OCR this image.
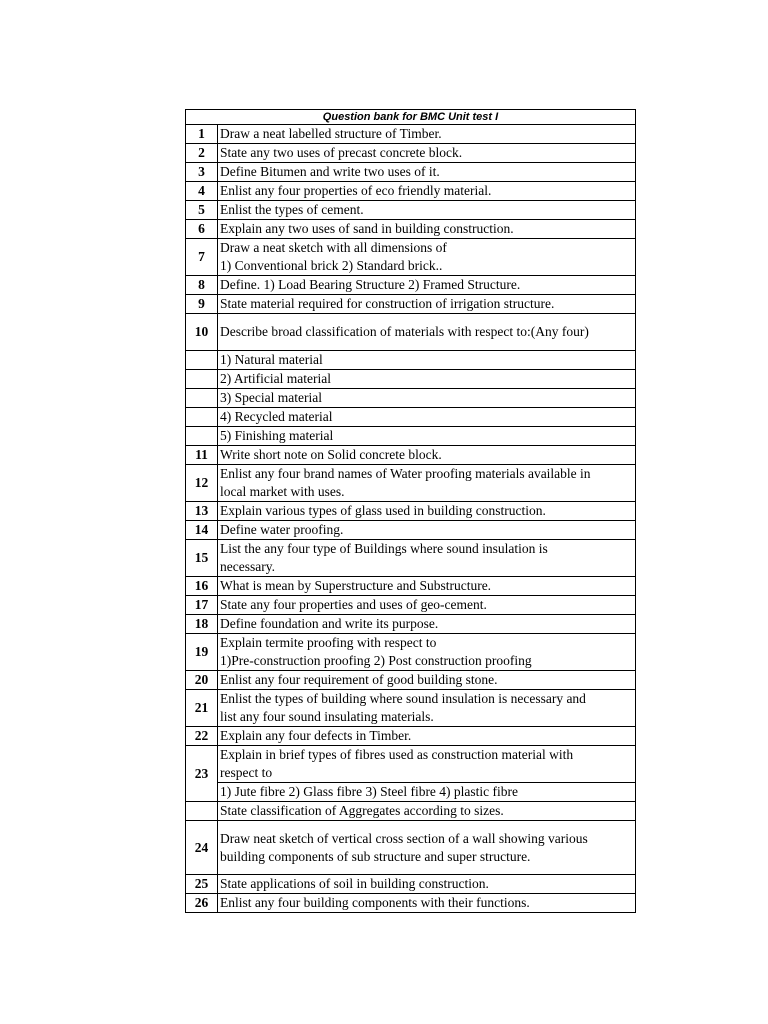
Question bank for BMC Unit test I	
1	Draw a neat labelled structure of Timber.
2	State any two uses of precast concrete block.
3	Define Bitumen and write two uses of it.
4	Enlist any four properties of eco friendly material.
5	Enlist the types of cement.
6	Explain any two uses of sand in building construction.
7	Draw a neat sketch with all dimensions of
1) Conventional brick 2) Standard brick..

8	Define. 1) Load Bearing Structure 2) Framed Structure.
9	State material required for construction of irrigation structure.
10	Describe broad classification of materials with respect to:(Any four)
	1) Natural material
	2) Artificial material
	3) Special material
	4) Recycled material
	5) Finishing material
11	Write short note on Solid concrete block.
12	Enlist any four brand names of Water proofing materials available in
local market with uses.

13	Explain various types of glass used in building construction.
14	Define water proofing.
15	List the any four type of Buildings where sound insulation is
necessary.

16	What is mean by Superstructure and Substructure.
17	State any four properties and uses of geo-cement.
18	Define foundation and write its purpose.
19	Explain termite proofing with respect to
1)Pre-construction proofing 2) Post construction proofing

20	Enlist any four requirement of good building stone.
21	Enlist the types of building where sound insulation is necessary and
list any four sound insulating materials.

22	Explain any four defects in Timber.
23	Explain in brief types of fibres used as construction material with
respect to

	1) Jute fibre 2) Glass fibre 3) Steel fibre 4) plastic fibre
	State classification of Aggregates according to sizes.
24	Draw neat sketch of vertical cross section of a wall showing various
building components of sub structure and super structure.

25	State applications of soil in building construction.
26	Enlist any four building components with their functions.
